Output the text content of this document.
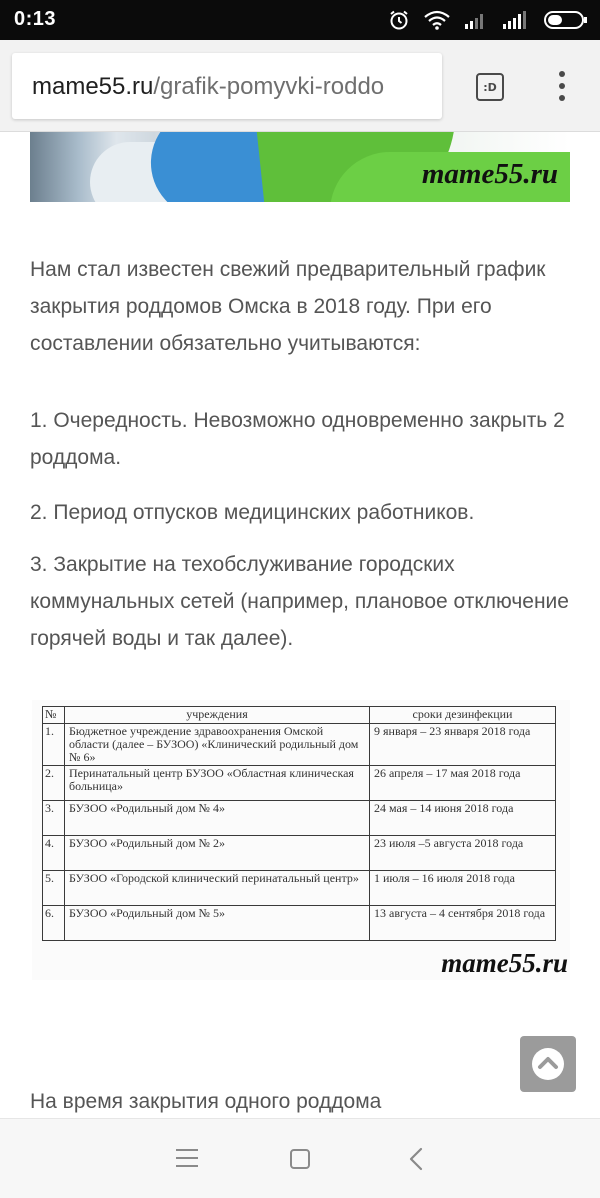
0:13
mame55.ru/grafik-pomyvki-roddo	:D
mame55.ru

Нам стал известен свежий предварительный график закрытия роддомов Омска в 2018 году. При его составлении обязательно учитываются:

1. Очередность. Невозможно одновременно закрыть 2 роддома.

2. Период отпусков медицинских работников.

3. Закрытие на техобслуживание городских коммунальных сетей (например, плановое отключение горячей воды и так далее).

№	учреждения	сроки дезинфекции
1.	Бюджетное учреждение здравоохранения Омской области (далее – БУЗОО) «Клинический родильный дом № 6»	9 января – 23 января 2018 года
2.	Перинатальный центр БУЗОО «Областная клиническая больница»	26 апреля – 17 мая 2018 года
3.	БУЗОО «Родильный дом № 4»	24 мая – 14 июня 2018 года
4.	БУЗОО «Родильный дом № 2»	23 июля –5 августа 2018 года
5.	БУЗОО «Городской клинический перинатальный центр»	1 июля – 16 июля 2018 года
6.	БУЗОО «Родильный дом № 5»	13 августа – 4 сентября 2018 года
mame55.ru

На время закрытия одного роддома
